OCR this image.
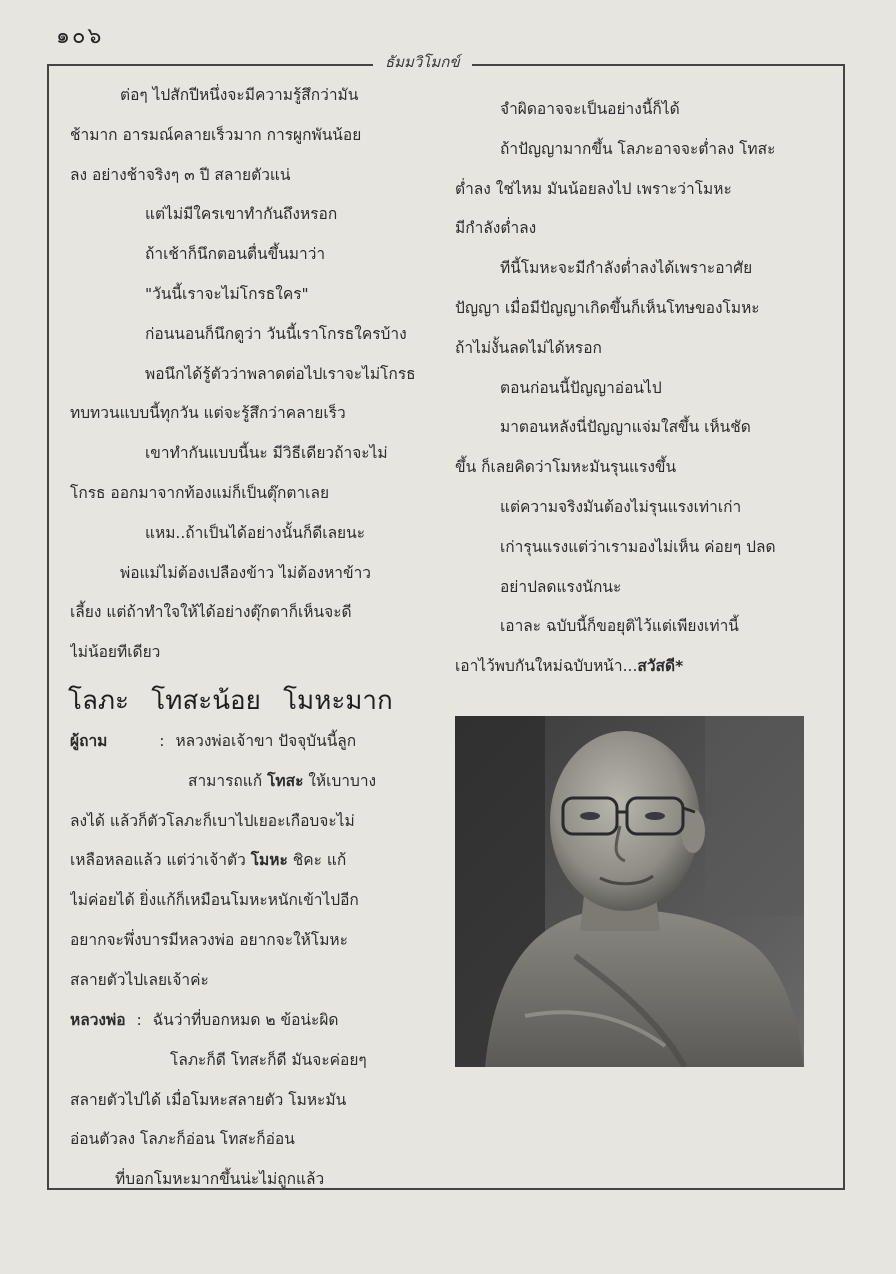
๑๐๖
ธัมมวิโมกข์
ต่อๆ ไปสักปีหนึ่งจะมีความรู้สึกว่ามัน
ช้ามาก อารมณ์คลายเร็วมาก การผูกพันน้อย
ลง อย่างช้าจริงๆ ๓ ปี สลายตัวแน่
แต่ไม่มีใครเขาทำกันถึงหรอก
ถ้าเช้าก็นึกตอนตื่นขึ้นมาว่า
"วันนี้เราจะไม่โกรธใคร"
ก่อนนอนก็นึกดูว่า วันนี้เราโกรธใครบ้าง
พอนึกได้รู้ตัวว่าพลาดต่อไปเราจะไม่โกรธ
ทบทวนแบบนี้ทุกวัน แต่จะรู้สึกว่าคลายเร็ว
เขาทำกันแบบนี้นะ มีวิธีเดียวถ้าจะไม่
โกรธ ออกมาจากท้องแม่ก็เป็นตุ๊กตาเลย
แหม..ถ้าเป็นได้อย่างนั้นก็ดีเลยนะ
พ่อแม่ไม่ต้องเปลืองข้าว ไม่ต้องหาข้าว
เลี้ยง แต่ถ้าทำใจให้ได้อย่างตุ๊กตาก็เห็นจะดี
ไม่น้อยทีเดียว
จำผิดอาจจะเป็นอย่างนี้ก็ได้
ถ้าปัญญามากขึ้น โลภะอาจจะต่ำลง โทสะ
ต่ำลง ใช่ไหม มันน้อยลงไป เพราะว่าโมหะ
มีกำลังต่ำลง
ทีนี้โมหะจะมีกำลังต่ำลงได้เพราะอาศัย
ปัญญา เมื่อมีปัญญาเกิดขึ้นก็เห็นโทษของโมหะ
ถ้าไม่งั้นลดไม่ได้หรอก
ตอนก่อนนี้ปัญญาอ่อนไป
มาตอนหลังนี่ปัญญาแจ่มใสขึ้น เห็นชัด
ขึ้น ก็เลยคิดว่าโมหะมันรุนแรงขึ้น
แต่ความจริงมันต้องไม่รุนแรงเท่าเก่า
เก่ารุนแรงแต่ว่าเรามองไม่เห็น ค่อยๆ ปลด
อย่าปลดแรงนักนะ
เอาละ ฉบับนี้ก็ขอยุติไว้แต่เพียงเท่านี้
เอาไว้พบกันใหม่ฉบับหน้า...สวัสดี*
โลภะ โทสะน้อย โมหะมาก
ผู้ถาม	: หลวงพ่อเจ้าขา ปัจจุบันนี้ลูก
สามารถแก้ โทสะ ให้เบาบาง
ลงได้ แล้วก็ตัวโลภะก็เบาไปเยอะเกือบจะไม่
เหลือหลอแล้ว แต่ว่าเจ้าตัว โมหะ ชิคะ แก้
ไม่ค่อยได้ ยิ่งแก้ก็เหมือนโมหะหนักเข้าไปอีก
อยากจะพึ่งบารมีหลวงพ่อ อยากจะให้โมหะ
สลายตัวไปเลยเจ้าค่ะ
หลวงพ่อ : ฉันว่าที่บอกหมด ๒ ข้อน่ะผิด
โลภะก็ดี โทสะก็ดี มันจะค่อยๆ
สลายตัวไปได้ เมื่อโมหะสลายตัว โมหะมัน
อ่อนตัวลง โลภะก็อ่อน โทสะก็อ่อน
ที่บอกโมหะมากขึ้นน่ะไม่ถูกแล้ว
